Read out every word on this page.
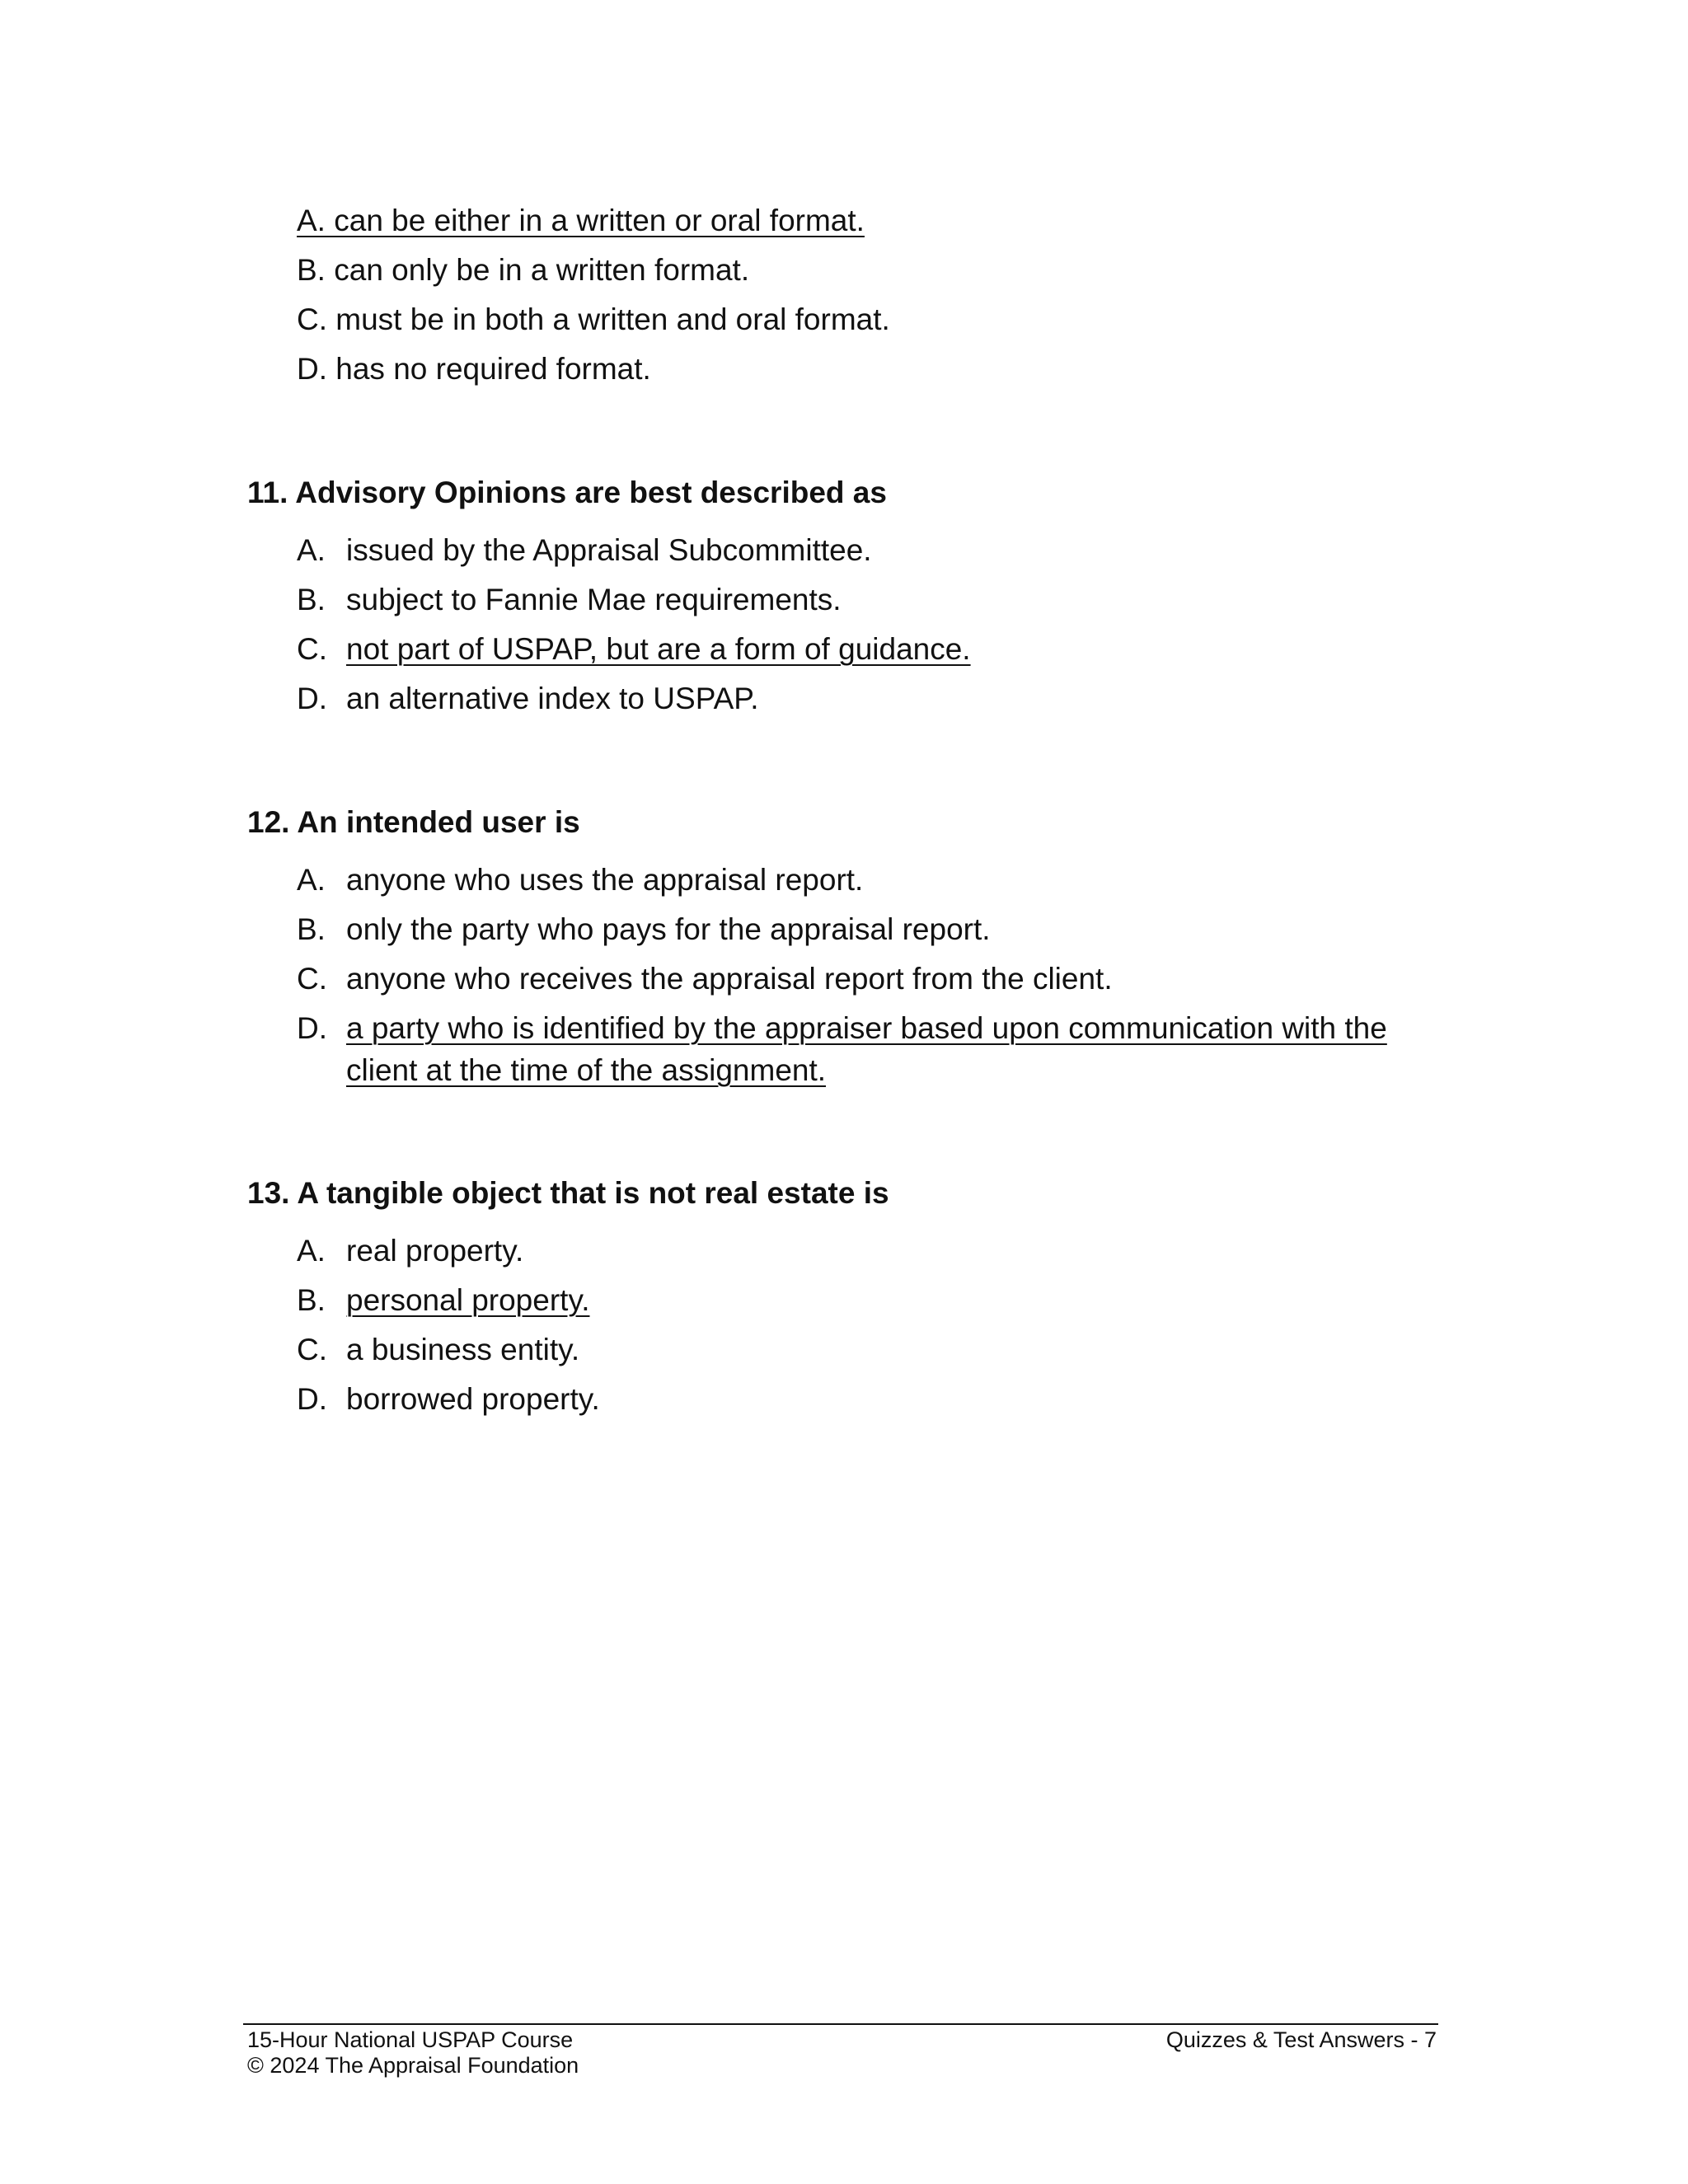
A. can be either in a written or oral format.
B. can only be in a written format.
C. must be in both a written and oral format.
D. has no required format.
11. Advisory Opinions are best described as
A. issued by the Appraisal Subcommittee.
B. subject to Fannie Mae requirements.
C. not part of USPAP, but are a form of guidance.
D. an alternative index to USPAP.
12. An intended user is
A. anyone who uses the appraisal report.
B. only the party who pays for the appraisal report.
C. anyone who receives the appraisal report from the client.
D. a party who is identified by the appraiser based upon communication with the client at the time of the assignment.
13. A tangible object that is not real estate is
A. real property.
B. personal property.
C. a business entity.
D. borrowed property.
15-Hour National USPAP Course
© 2024 The Appraisal Foundation
Quizzes & Test Answers - 7
